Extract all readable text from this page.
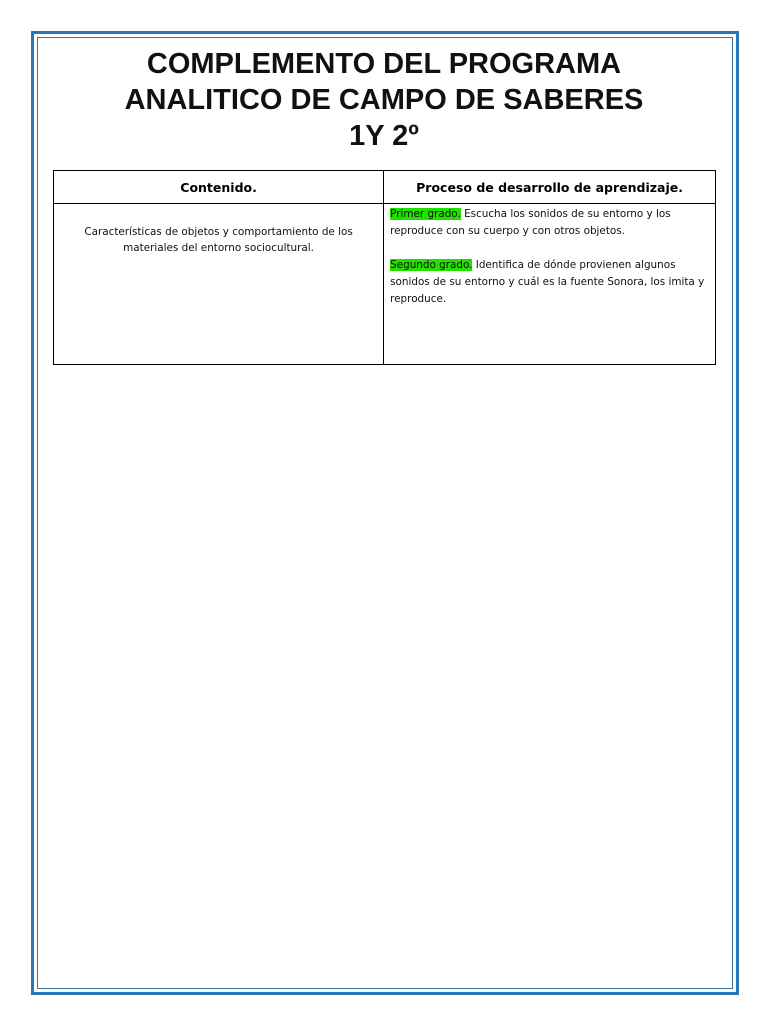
COMPLEMENTO DEL PROGRAMA
ANALITICO DE CAMPO DE SABERES
1Y 2º
Contenido.	Proceso de desarrollo de aprendizaje.
Características de objetos y comportamiento de los materiales del entorno sociocultural.	Primer grado. Escucha los sonidos de su entorno y los reproduce con su cuerpo y con otros objetos.

Segundo grado. Identifica de dónde provienen algunos sonidos de su entorno y cuál es la fuente Sonora, los imita y reproduce.
